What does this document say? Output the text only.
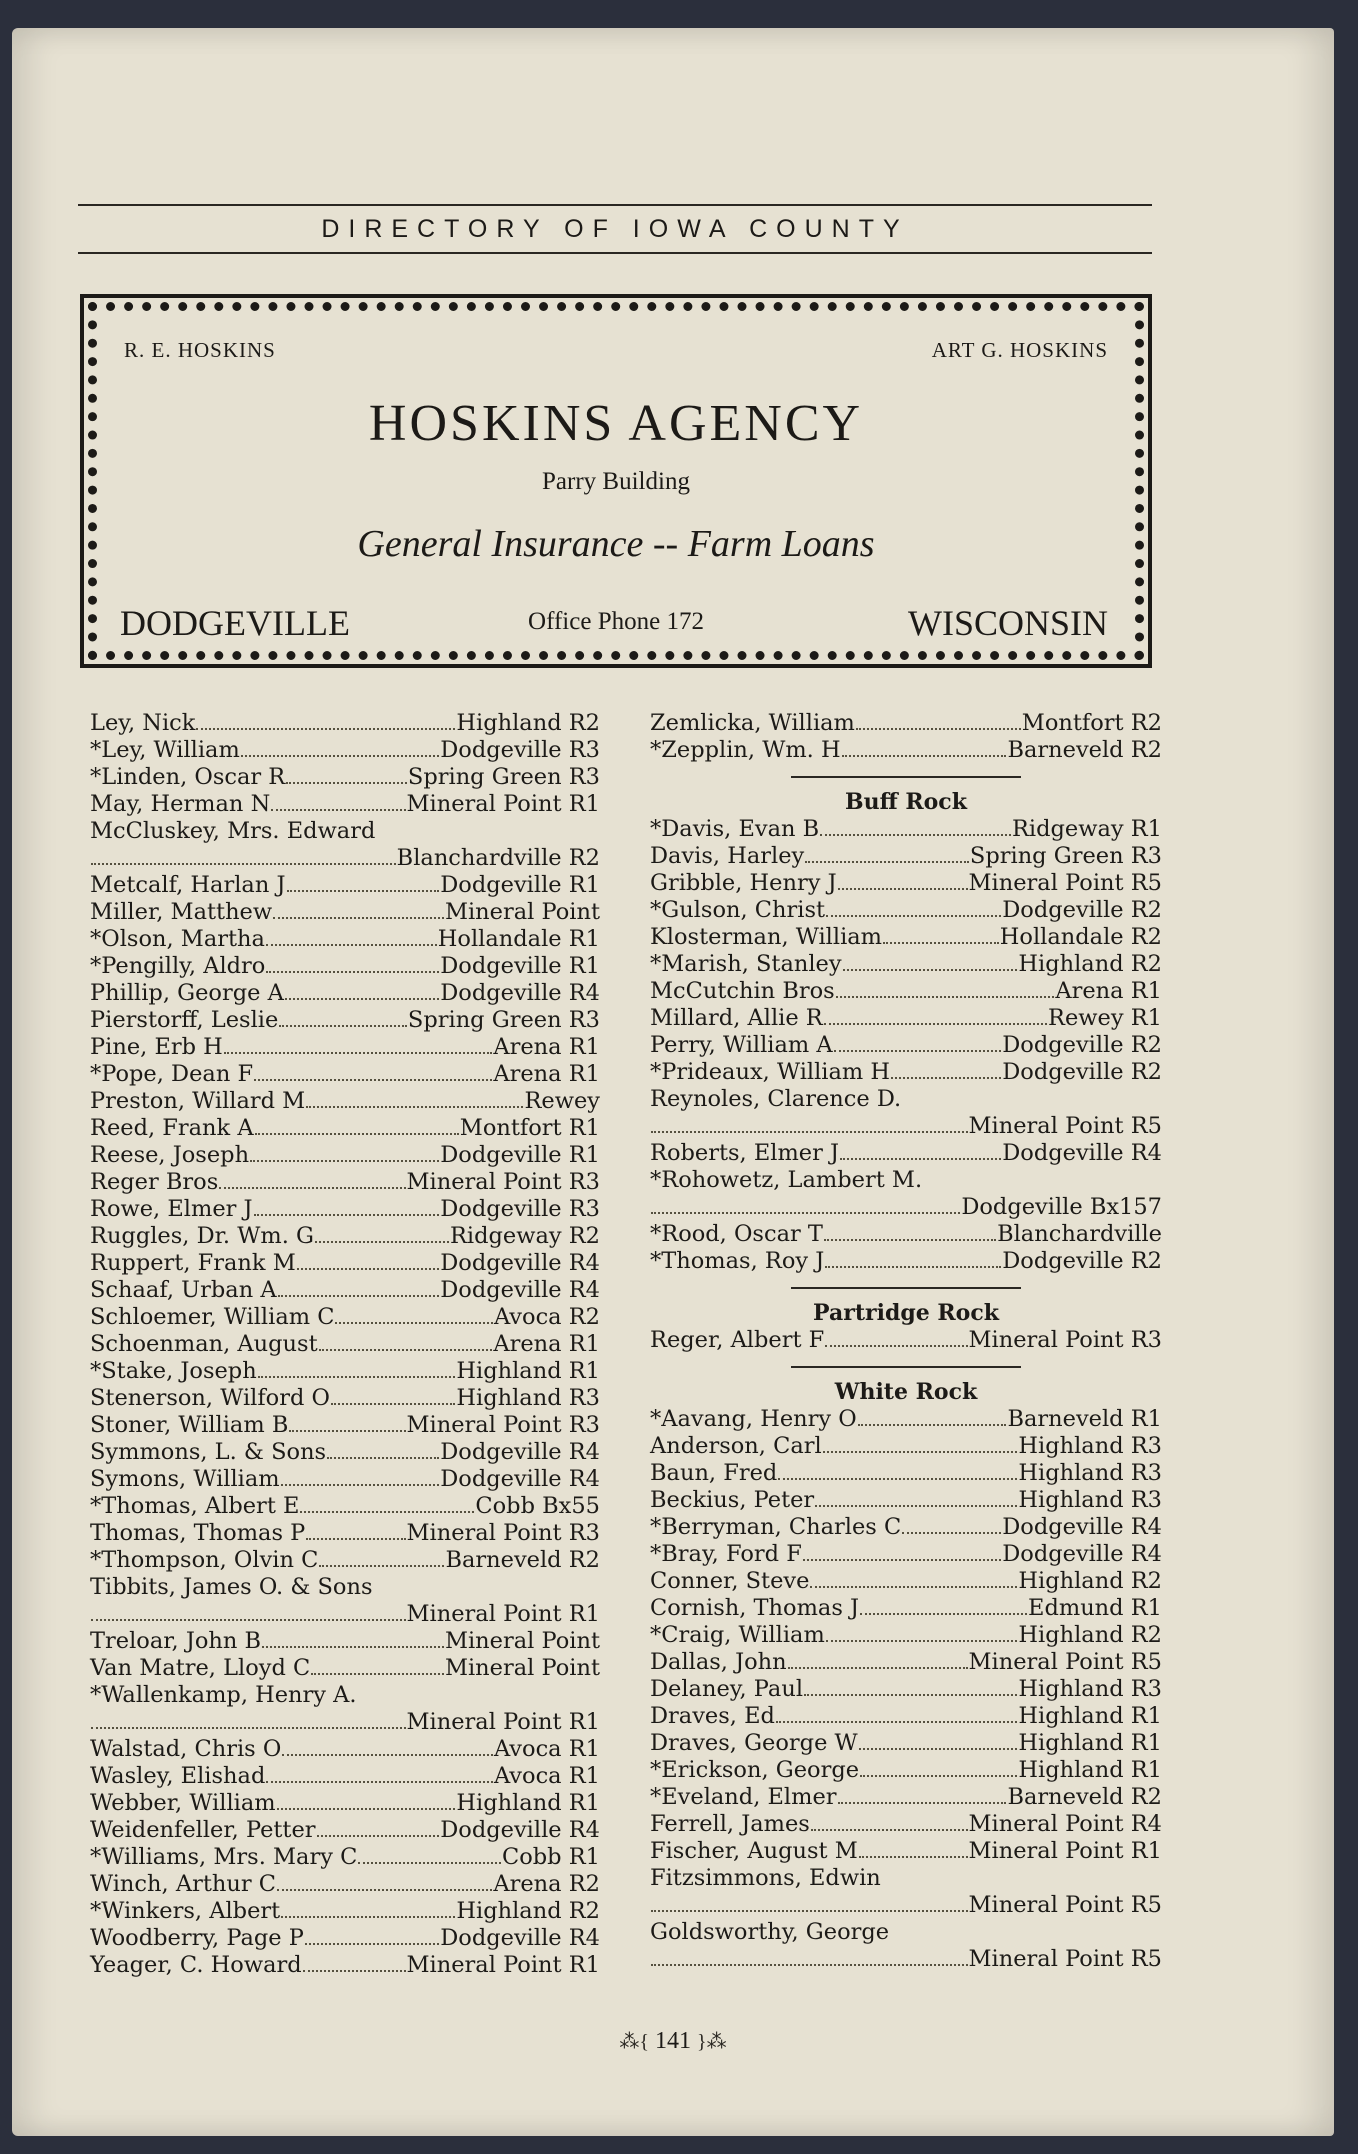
DIRECTORY OF IOWA COUNTY
R. E. HOSKINS	ART G. HOSKINS
HOSKINS AGENCY
Parry Building
General Insurance -- Farm Loans
DODGEVILLE	Office Phone 172	WISCONSIN
Ley, Nick	Highland R2
*Ley, William	Dodgeville R3
*Linden, Oscar R	Spring Green R3
May, Herman N	Mineral Point R1
McCluskey, Mrs. Edward
Blanchardville R2
Metcalf, Harlan J	Dodgeville R1
Miller, Matthew	Mineral Point
*Olson, Martha	Hollandale R1
*Pengilly, Aldro	Dodgeville R1
Phillip, George A	Dodgeville R4
Pierstorff, Leslie	Spring Green R3
Pine, Erb H	Arena R1
*Pope, Dean F	Arena R1
Preston, Willard M	Rewey
Reed, Frank A	Montfort R1
Reese, Joseph	Dodgeville R1
Reger Bros	Mineral Point R3
Rowe, Elmer J	Dodgeville R3
Ruggles, Dr. Wm. G	Ridgeway R2
Ruppert, Frank M	Dodgeville R4
Schaaf, Urban A	Dodgeville R4
Schloemer, William C	Avoca R2
Schoenman, August	Arena R1
*Stake, Joseph	Highland R1
Stenerson, Wilford O	Highland R3
Stoner, William B	Mineral Point R3
Symmons, L. & Sons	Dodgeville R4
Symons, William	Dodgeville R4
*Thomas, Albert E	Cobb Bx55
Thomas, Thomas P	Mineral Point R3
*Thompson, Olvin C	Barneveld R2
Tibbits, James O. & Sons
Mineral Point R1
Treloar, John B	Mineral Point
Van Matre, Lloyd C	Mineral Point
*Wallenkamp, Henry A.
Mineral Point R1
Walstad, Chris O	Avoca R1
Wasley, Elishad	Avoca R1
Webber, William	Highland R1
Weidenfeller, Petter	Dodgeville R4
*Williams, Mrs. Mary C	Cobb R1
Winch, Arthur C	Arena R2
*Winkers, Albert	Highland R2
Woodberry, Page P	Dodgeville R4
Yeager, C. Howard	Mineral Point R1
Zemlicka, William	Montfort R2
*Zepplin, Wm. H	Barneveld R2
Buff Rock
*Davis, Evan B	Ridgeway R1
Davis, Harley	Spring Green R3
Gribble, Henry J	Mineral Point R5
*Gulson, Christ	Dodgeville R2
Klosterman, William	Hollandale R2
*Marish, Stanley	Highland R2
McCutchin Bros	Arena R1
Millard, Allie R	Rewey R1
Perry, William A	Dodgeville R2
*Prideaux, William H	Dodgeville R2
Reynoles, Clarence D.
Mineral Point R5
Roberts, Elmer J	Dodgeville R4
*Rohowetz, Lambert M.
Dodgeville Bx157
*Rood, Oscar T	Blanchardville
*Thomas, Roy J	Dodgeville R2
Partridge Rock
Reger, Albert F	Mineral Point R3
White Rock
*Aavang, Henry O	Barneveld R1
Anderson, Carl	Highland R3
Baun, Fred	Highland R3
Beckius, Peter	Highland R3
*Berryman, Charles C	Dodgeville R4
*Bray, Ford F	Dodgeville R4
Conner, Steve	Highland R2
Cornish, Thomas J	Edmund R1
*Craig, William	Highland R2
Dallas, John	Mineral Point R5
Delaney, Paul	Highland R3
Draves, Ed	Highland R1
Draves, George W	Highland R1
*Erickson, George	Highland R1
*Eveland, Elmer	Barneveld R2
Ferrell, James	Mineral Point R4
Fischer, August M	Mineral Point R1
Fitzsimmons, Edwin
Mineral Point R5
Goldsworthy, George
Mineral Point R5
⁂{ 141 }⁂
